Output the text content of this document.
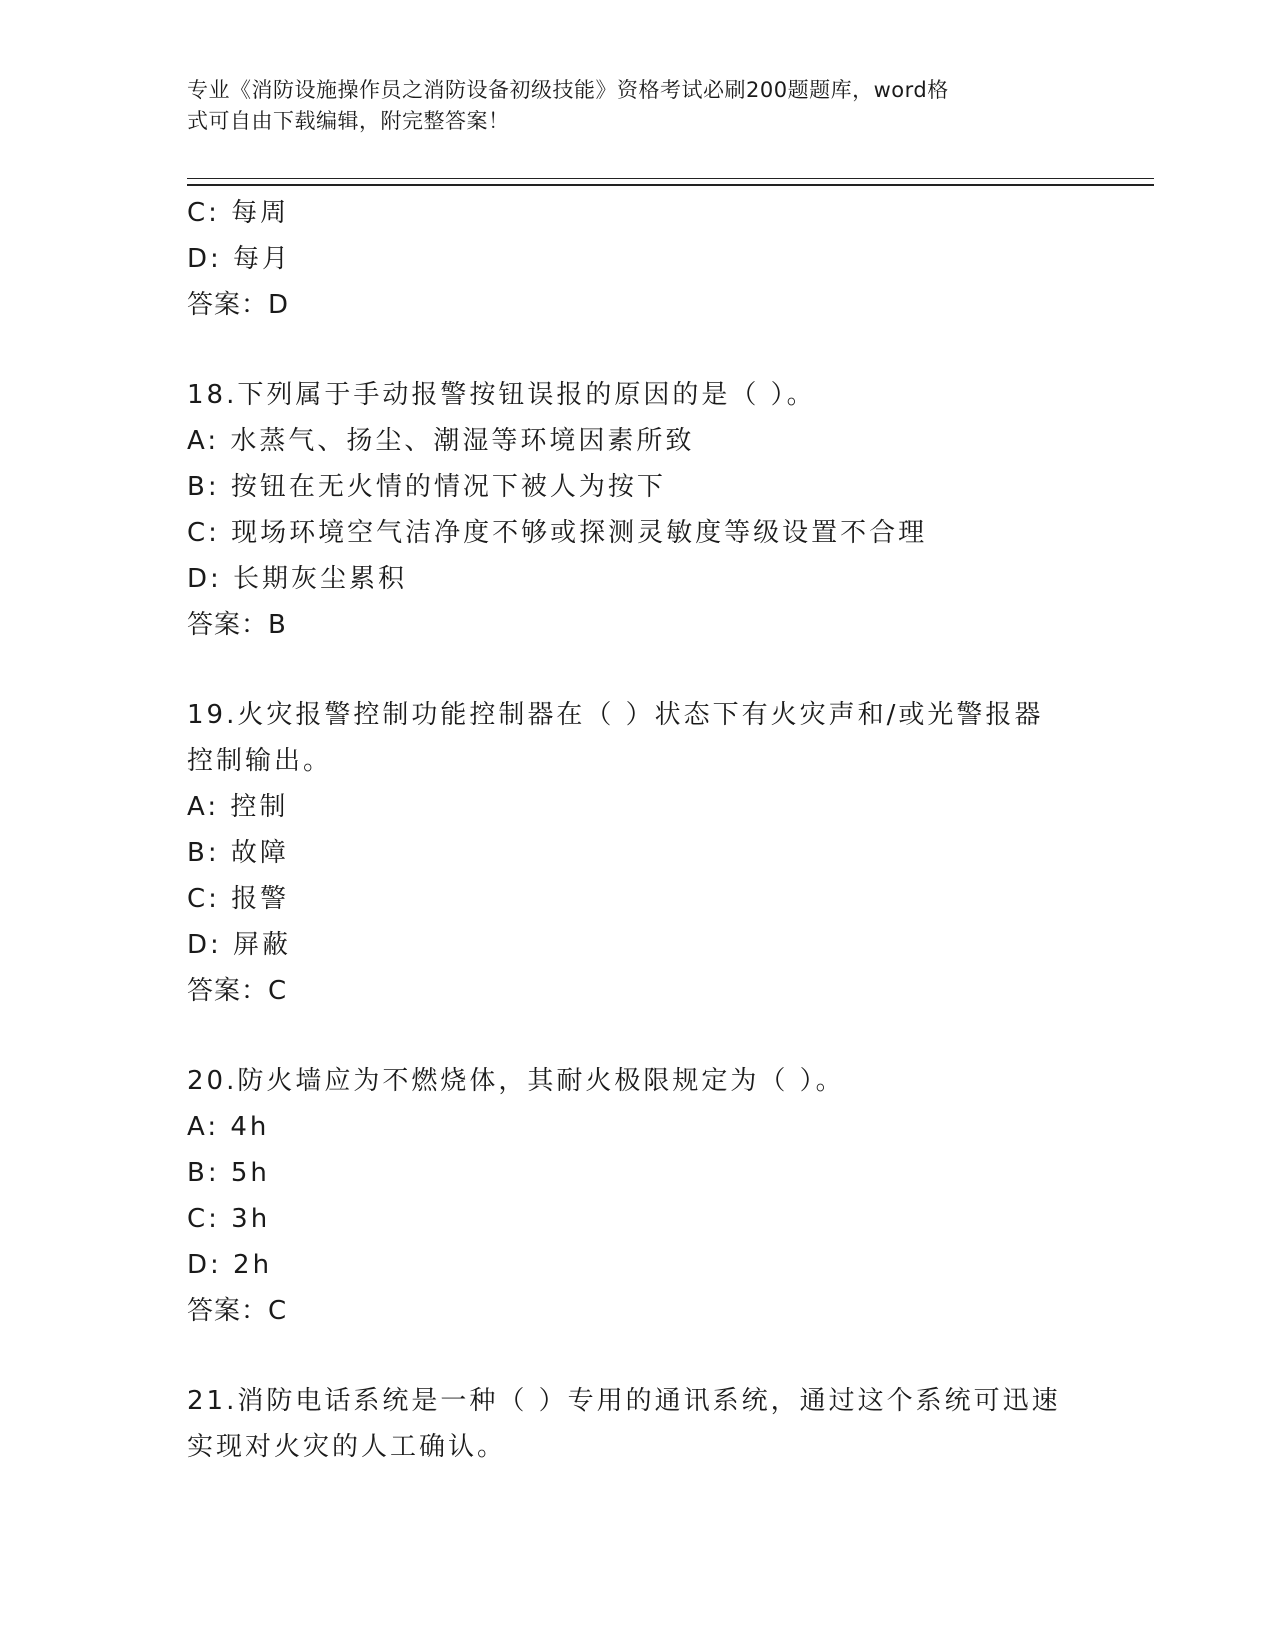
专业《消防设施操作员之消防设备初级技能》资格考试必刷200题题库，word格
式可自由下载编辑，附完整答案！
C: 每周
D: 每月
答案：D
18.下列属于手动报警按钮误报的原因的是（ ）。
A: 水蒸气、扬尘、潮湿等环境因素所致
B: 按钮在无火情的情况下被人为按下
C: 现场环境空气洁净度不够或探测灵敏度等级设置不合理
D: 长期灰尘累积
答案：B
19.火灾报警控制功能控制器在（ ）状态下有火灾声和/或光警报器
控制输出。
A: 控制
B: 故障
C: 报警
D: 屏蔽
答案：C
20.防火墙应为不燃烧体，其耐火极限规定为（ ）。
A: 4h
B: 5h
C: 3h
D: 2h
答案：C
21.消防电话系统是一种（ ）专用的通讯系统，通过这个系统可迅速
实现对火灾的人工确认。
